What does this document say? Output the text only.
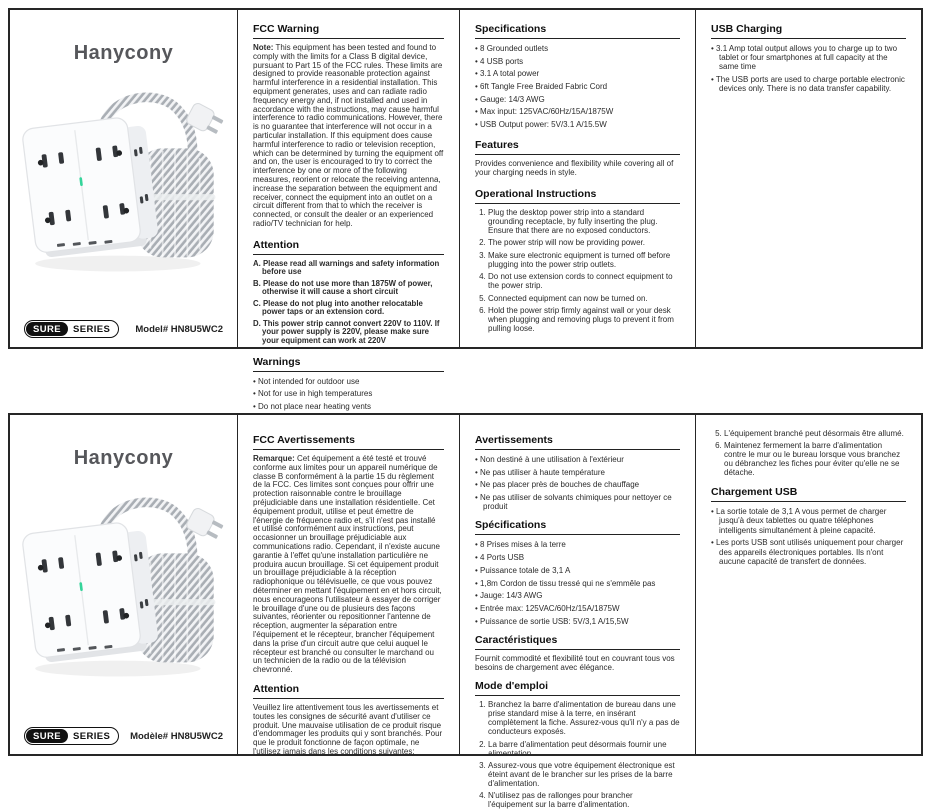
Hanycony
SURE	SERIES	Model# HN8U5WC2
FCC Warning

Note: This equipment has been tested and found to comply with the limits for a Class B digital device, pursuant to Part 15 of the FCC rules. These limits are designed to provide reasonable protection against harmful interference in a residential installation. This equipment generates, uses and can radiate radio frequency energy and, if not installed and used in accordance with the instructions, may cause harmful interference to radio communications. However, there is no guarantee that interference will not occur in a particular installation. If this equipment does cause harmful interference to radio or television reception, which can be determined by turning the equipment off and on, the user is encouraged to try to correct the interference by one or more of the following measures, reorient or relocate the receiving antenna, increase the separation between the equipment and receiver, connect the equipment into an outlet on a circuit different from that to which the receiver is connected, or consult the dealer or an experienced radio/TV technician for help.

Attention
A. Please read all warnings and safety information before use
B. Please do not use more than 1875W of power, otherwise it will cause a short circuit
C. Please do not plug into another relocatable power taps or an extension cord.
D. This power strip cannot convert 220V to 110V. If your power supply is 220V, please make sure your equipment can work at 220V
Warnings
• Not intended for outdoor use
• Not for use in high temperatures
• Do not place near heating vents
•
Specifications
• 8 Grounded outlets
• 4 USB ports
• 3.1 A total power
• 6ft Tangle Free Braided Fabric Cord
• Gauge: 14/3 AWG
• Max input: 125VAC/60Hz/15A/1875W
• USB Output power: 5V/3.1 A/15.5W
Features

Provides convenience and flexibility while covering all of your charging needs in style.

Operational Instructions
1. Plug the desktop power strip into a standard grounding receptacle, by fully inserting the plug. Ensure that there are no exposed conductors.
2. The power strip will now be providing power.
3. Make sure electronic equipment is turned off before plugging into the power strip outlets.
4. Do not use extension cords to connect equipment to the power strip.
5. Connected equipment can now be turned on.
6. Hold the power strip firmly against wall or your desk when plugging and removing plugs to prevent it from pulling loose.
USB Charging
• 3.1 Amp total output allows you to charge up to two tablet or four smartphones at full capacity at the same time
• The USB ports are used to charge portable electronic devices only. There is no data transfer capability.
Hanycony
SURE	SERIES	Modèle# HN8U5WC2
FCC Avertissements

Remarque: Cet équipement a été testé et trouvé conforme aux limites pour un appareil numérique de classe B conformément à la partie 15 du règlement de la FCC. Ces limites sont conçues pour offrir une protection raisonnable contre le brouillage préjudiciable dans une installation résidentielle. Cet équipement produit, utilise et peut émettre de l'énergie de fréquence radio et, s'il n'est pas installé et utilisé conformément aux instructions, peut occasionner un brouillage préjudiciable aux communications radio. Cependant, il n'existe aucune garantie à l'effet qu'une installation particulière ne produira aucun brouillage. Si cet équipement produit un brouillage préjudiciable à la réception radiophonique ou télévisuelle, ce que vous pouvez déterminer en mettant l'équipement en et hors circuit, nous encourageons l'utilisateur à essayer de corriger le brouillage d'une ou de plusieurs des façons suivantes, réorienter ou repositionner l'antenne de réception, augmenter la séparation entre l'équipement et le récepteur, brancher l'équipement dans la prise d'un circuit autre que celui auquel le récepteur est branché ou consulter le marchand ou un technicien de la radio ou de la télévision chevronné.

Attention

Veuillez lire attentivement tous les avertissements et toutes les consignes de sécurité avant d'utiliser ce produit. Une mauvaise utilisation de ce produit risque d'endommager les produits qui y sont branchés. Pour que le produit fonctionne de façon optimale, ne l'utilisez jamais dans les conditions suivantes:

Avertissements
• Non destiné à une utilisation à l'extérieur
• Ne pas utiliser à haute température
• Ne pas placer près de bouches de chauffage
• Ne pas utiliser de solvants chimiques pour nettoyer ce produit
Spécifications
• 8 Prises mises à la terre
• 4 Ports USB
• Puissance totale de 3,1 A
• 1,8m Cordon de tissu tressé qui ne s'emmêle pas
• Jauge: 14/3 AWG
• Entrée max: 125VAC/60Hz/15A/1875W
• Puissance de sortie USB: 5V/3,1 A/15,5W
Caractéristiques

Fournit commodité et flexibilité tout en couvrant tous vos besoins de chargement avec élégance.

Mode d'emploi
1. Branchez la barre d'alimentation de bureau dans une prise standard mise à la terre, en insérant complètement la fiche. Assurez-vous qu'il n'y a pas de conducteurs exposés.
2. La barre d'alimentation peut désormais fournir une alimentation.
3. Assurez-vous que votre équipement électronique est éteint avant de le brancher sur les prises de la barre d'alimentation.
4. N'utilisez pas de rallonges pour brancher l'équipement sur la barre d'alimentation.
5. L'équipement branché peut désormais être allumé.
6. Maintenez fermement la barre d'alimentation contre le mur ou le bureau lorsque vous branchez ou débranchez les fiches pour éviter qu'elle ne se détache.
Chargement USB
• La sortie totale de 3,1 A vous permet de charger jusqu'à deux tablettes ou quatre téléphones intelligents simultanément à pleine capacité.
• Les ports USB sont utilisés uniquement pour charger des appareils électroniques portables. Ils n'ont aucune capacité de transfert de données.
